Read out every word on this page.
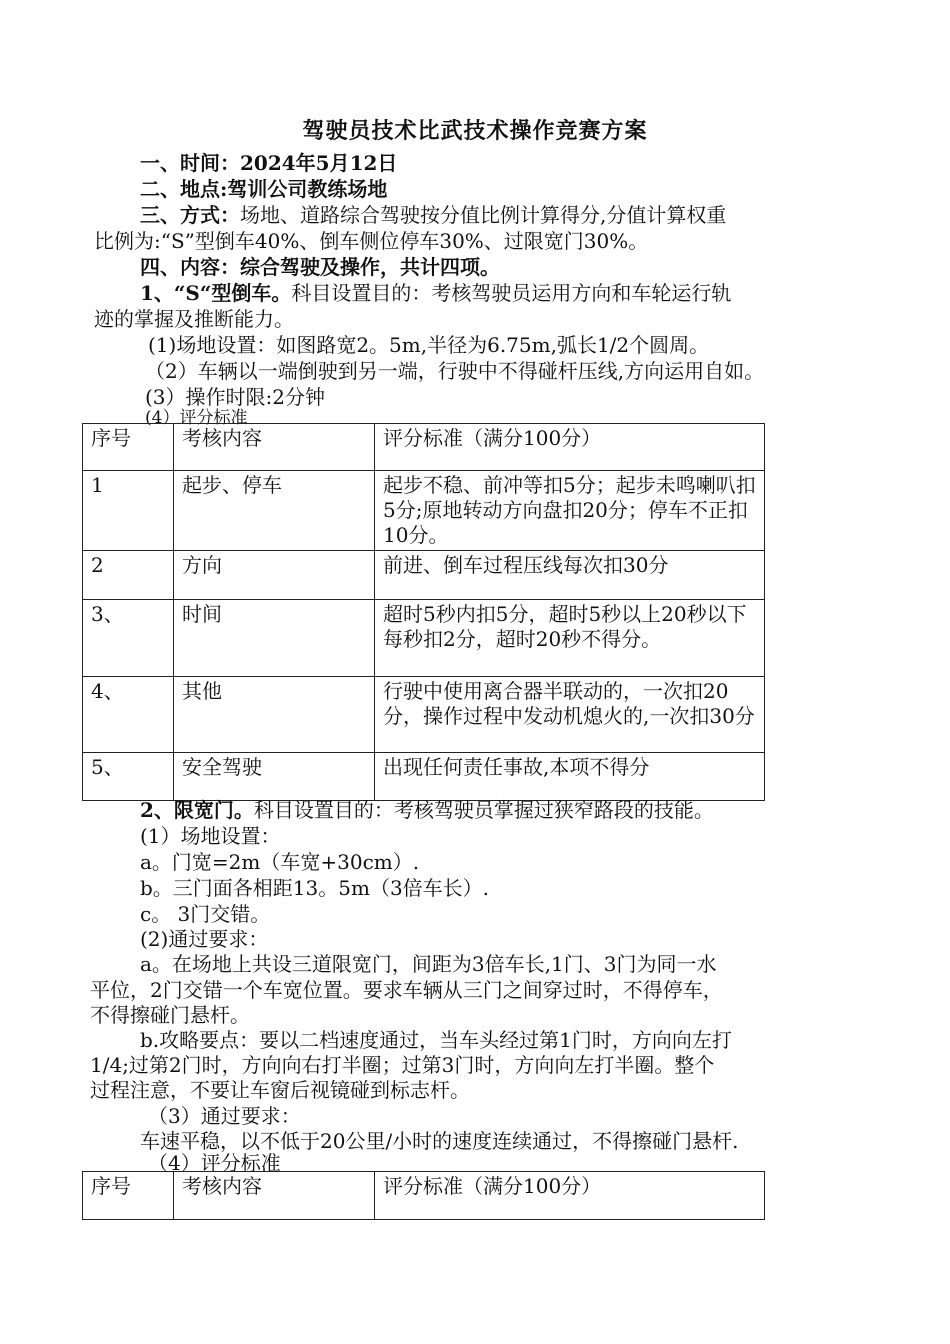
驾驶员技术比武技术操作竞赛方案
一、时间：2024年5月12日
二、地点:驾训公司教练场地
三、方式：场地、道路综合驾驶按分值比例计算得分,分值计算权重
比例为:“S”型倒车40%、倒车侧位停车30%、过限宽门30%。
四、内容：综合驾驶及操作，共计四项。
1、“S“型倒车。科目设置目的：考核驾驶员运用方向和车轮运行轨
迹的掌握及推断能力。
(1)场地设置：如图路宽2。5m,半径为6.75m,弧长1/2个圆周。
（2）车辆以一端倒驶到另一端，行驶中不得碰杆压线,方向运用自如。
(3）操作时限:2分钟
(4）评分标准
序号	考核内容	评分标准（满分100分）
1	起步、停车	起步不稳、前冲等扣5分；起步未鸣喇叭扣5分;原地转动方向盘扣20分；停车不正扣10分。
2	方向	前进、倒车过程压线每次扣30分
3、	时间	超时5秒内扣5分，超时5秒以上20秒以下每秒扣2分，超时20秒不得分。
4、	其他	行驶中使用离合器半联动的，一次扣20分，操作过程中发动机熄火的,一次扣30分
5、	安全驾驶	出现任何责任事故,本项不得分
2、限宽门。科目设置目的：考核驾驶员掌握过狭窄路段的技能。
(1）场地设置：
a。门宽=2m（车宽+30cm）.
b。三门面各相距13。5m（3倍车长）.
c。 3门交错。
(2)通过要求：
a。在场地上共设三道限宽门，间距为3倍车长,1门、3门为同一水
平位，2门交错一个车宽位置。要求车辆从三门之间穿过时，不得停车，
不得擦碰门悬杆。
b.攻略要点：要以二档速度通过，当车头经过第1门时，方向向左打
1/4;过第2门时，方向向右打半圈；过第3门时，方向向左打半圈。整个
过程注意，不要让车窗后视镜碰到标志杆。
（3）通过要求：
车速平稳，以不低于20公里/小时的速度连续通过，不得擦碰门悬杆.
（4）评分标准
序号	考核内容	评分标准（满分100分）
